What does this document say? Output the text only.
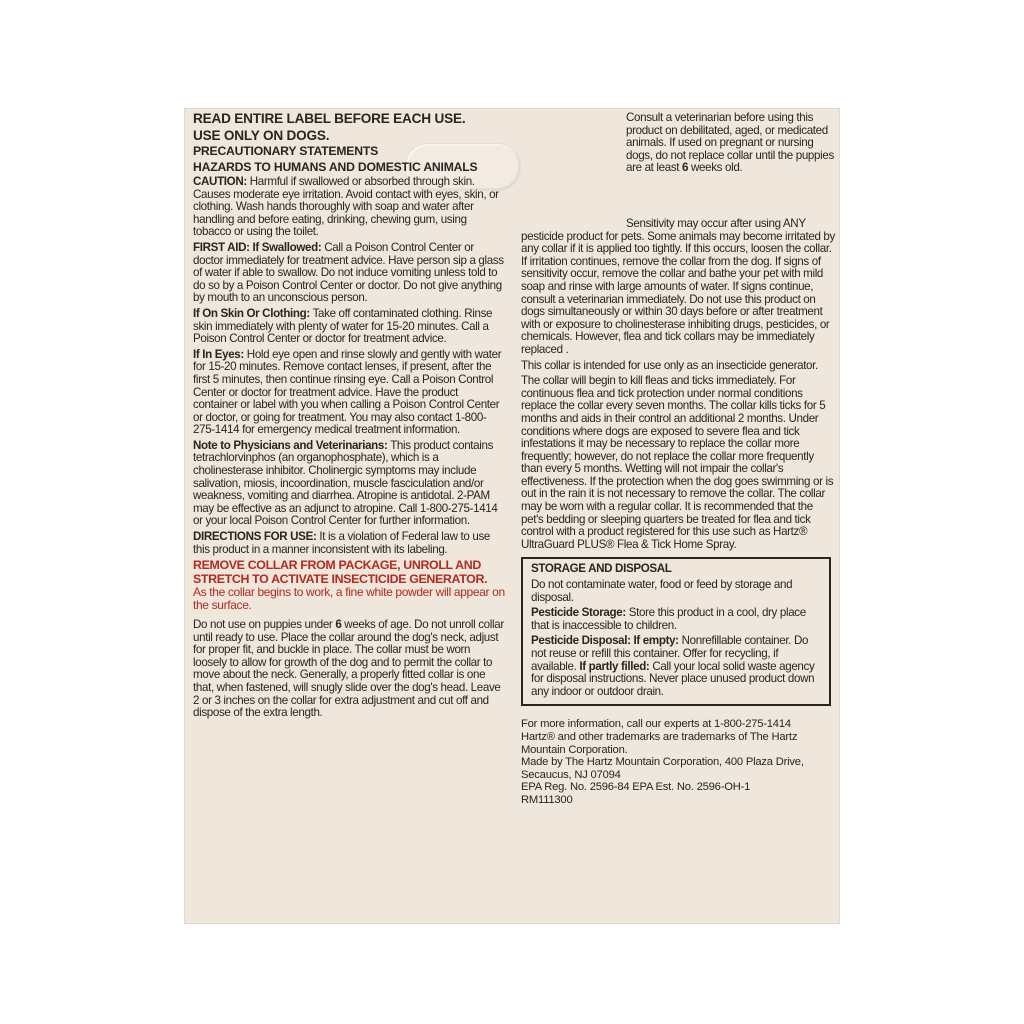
READ ENTIRE LABEL BEFORE EACH USE.
USE ONLY ON DOGS.
PRECAUTIONARY STATEMENTS
HAZARDS TO HUMANS AND DOMESTIC ANIMALS

CAUTION: Harmful if swallowed or absorbed through skin. Causes moderate eye irritation. Avoid contact with eyes, skin, or clothing. Wash hands thoroughly with soap and water after handling and before eating, drinking, chewing gum, using tobacco or using the toilet.

FIRST AID: If Swallowed: Call a Poison Control Center or doctor immediately for treatment advice. Have person sip a glass of water if able to swallow. Do not induce vomiting unless told to do so by a Poison Control Center or doctor. Do not give anything by mouth to an unconscious person.

If On Skin Or Clothing: Take off contaminated clothing. Rinse skin immediately with plenty of water for 15-20 minutes. Call a Poison Control Center or doctor for treatment advice.

If In Eyes: Hold eye open and rinse slowly and gently with water for 15-20 minutes. Remove contact lenses, if present, after the first 5 minutes, then continue rinsing eye. Call a Poison Control Center or doctor for treatment advice. Have the product container or label with you when calling a Poison Control Center or doctor, or going for treatment. You may also contact 1-800-275-1414 for emergency medical treatment information.

Note to Physicians and Veterinarians: This product contains tetrachlorvinphos (an organophosphate), which is a cholinesterase inhibitor. Cholinergic symptoms may include salivation, miosis, incoordination, muscle fasciculation and/or weakness, vomiting and diarrhea. Atropine is antidotal. 2-PAM may be effective as an adjunct to atropine. Call 1-800-275-1414 or your local Poison Control Center for further information.

DIRECTIONS FOR USE: It is a violation of Federal law to use this product in a manner inconsistent with its labeling.

REMOVE COLLAR FROM PACKAGE, UNROLL AND STRETCH TO ACTIVATE INSECTICIDE GENERATOR.

As the collar begins to work, a fine white powder will appear on the surface.

Do not use on puppies under 6 weeks of age. Do not unroll collar until ready to use. Place the collar around the dog's neck, adjust for proper fit, and buckle in place. The collar must be worn loosely to allow for growth of the dog and to permit the collar to move about the neck. Generally, a properly fitted collar is one that, when fastened, will snugly slide over the dog's head. Leave 2 or 3 inches on the collar for extra adjustment and cut off and dispose of the extra length.

Consult a veterinarian before using this product on debilitated, aged, or medicated animals. If used on pregnant or nursing dogs, do not replace collar until the puppies are at least 6 weeks old.

Sensitivity may occur after using ANY pesticide product for pets. Some animals may become irritated by any collar if it is applied too tightly. If this occurs, loosen the collar. If irritation continues, remove the collar from the dog. If signs of sensitivity occur, remove the collar and bathe your pet with mild soap and rinse with large amounts of water. If signs continue, consult a veterinarian immediately. Do not use this product on dogs simultaneously or within 30 days before or after treatment with or exposure to cholinesterase inhibiting drugs, pesticides, or chemicals. However, flea and tick collars may be immediately replaced .

This collar is intended for use only as an insecticide generator.

The collar will begin to kill fleas and ticks immediately. For continuous flea and tick protection under normal conditions replace the collar every seven months. The collar kills ticks for 5 months and aids in their control an additional 2 months. Under conditions where dogs are exposed to severe flea and tick infestations it may be necessary to replace the collar more frequently; however, do not replace the collar more frequently than every 5 months. Wetting will not impair the collar's effectiveness. If the protection when the dog goes swimming or is out in the rain it is not necessary to remove the collar. The collar may be worn with a regular collar. It is recommended that the pet's bedding or sleeping quarters be treated for flea and tick control with a product registered for this use such as Hartz® UltraGuard PLUS® Flea & Tick Home Spray.

STORAGE AND DISPOSAL

Do not contaminate water, food or feed by storage and disposal.

Pesticide Storage: Store this product in a cool, dry place that is inaccessible to children.

Pesticide Disposal: If empty: Nonrefillable container. Do not reuse or refill this container. Offer for recycling, if available. If partly filled: Call your local solid waste agency for disposal instructions. Never place unused product down any indoor or outdoor drain.

For more information, call our experts at 1-800-275-1414

Hartz® and other trademarks are trademarks of The Hartz Mountain Corporation.

Made by The Hartz Mountain Corporation, 400 Plaza Drive, Secaucus, NJ 07094

EPA Reg. No. 2596-84 EPA Est. No. 2596-OH-1

RM111300
